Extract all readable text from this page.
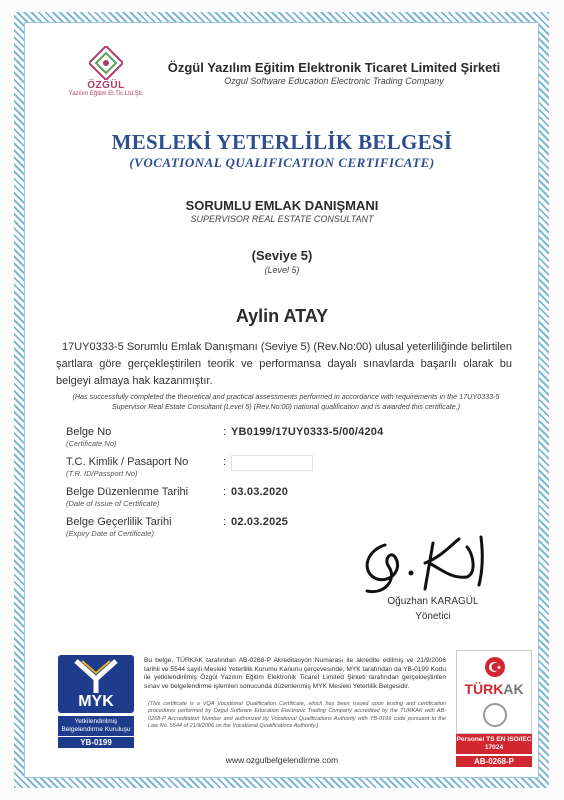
ÖZGÜL
Yazılım Eğitim El.Tic.Ltd.Şti.
Özgül Yazılım Eğitim Elektronik Ticaret Limited Şirketi
Ozgul Software Education Electronic Trading Company
MESLEKİ YETERLİLİK BELGESİ
(VOCATIONAL QUALIFICATION CERTIFICATE)
SORUMLU EMLAK DANIŞMANI
SUPERVISOR REAL ESTATE CONSULTANT
(Seviye 5)
(Level 5)
Aylin ATAY
17UY0333-5 Sorumlu Emlak Danışmanı (Seviye 5) (Rev.No:00) ulusal yeterliliğinde belirtilen şartlara göre gerçekleştirilen teorik ve performansa dayalı sınavlarda başarılı olarak bu belgeyi almaya hak kazanmıştır.
(Has successfully completed the theoretical and practical assessments performed in accordance with requirements in the 17UY0333-5 Supervisor Real Estate Consultant (Level 5) (Rev.No:00) national qualification and is awarded this certificate.)
Belge No
(Certificate No)
: YB0199/17UY0333-5/00/4204
T.C. Kimlik / Pasaport No
(T.R. ID/Passport No)
:
Belge Düzenlenme Tarihi
(Date of Issue of Certificate)
: 03.03.2020
Belge Geçerlilik Tarihi
(Expiry Date of Certificate)
: 02.03.2025
Oğuzhan KARAGÜL
Yönetici
MYK
Yetkilendirilmiş Belgelendirme Kuruluşu
YB-0199
Bu belge, TÜRKAK tarafından AB-0268-P Akreditasyon Numarası ile akredite edilmiş ve 21/9/2006 tarihli ve 5544 sayılı Mesleki Yeterlilik Kurumu Kanunu çerçevesinde, MYK tarafından da YB-0199 Kodu ile yetkilendirilmiş Özgül Yazılım Eğitim Elektronik Ticaret Limited Şirketi tarafından gerçekleştirilen sınav ve belgelendirme işlemleri sonucunda düzenlenmiş MYK Mesleki Yeterlilik Belgesidir.
(This certificate is a VQA Vocational Qualification Certificate, which has been issued upon testing and certification procedures performed by Ozgul Software Education Electronic Trading Company accredited by the TURKAK with AB-0268-P Accreditation Number and authorized by Vocational Qualifications Authority with YB-0199 code pursuant to the Law No. 5544 of 21/9/2006 on the Vocational Qualifications Authority.)
TÜRKAK
Personel TS EN ISO/IEC 17024
AB-0268-P
www.ozgulbelgelendirme.com
